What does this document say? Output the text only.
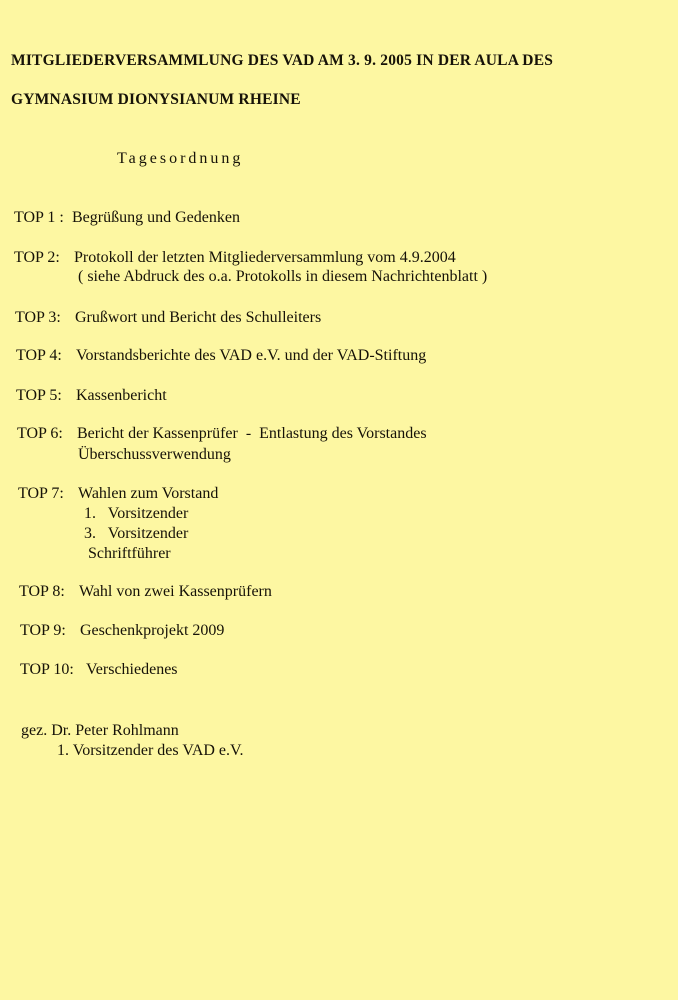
MITGLIEDERVERSAMMLUNG DES VAD AM 3. 9. 2005 IN DER AULA DES
GYMNASIUM DIONYSIANUM RHEINE
Tagesordnung
TOP 1 : Begrüßung und Gedenken
TOP 2: Protokoll der letzten Mitgliederversammlung vom 4.9.2004
( siehe Abdruck des o.a. Protokolls in diesem Nachrichtenblatt )
TOP 3: Grußwort und Bericht des Schulleiters
TOP 4: Vorstandsberichte des VAD e.V. und der VAD-Stiftung
TOP 5: Kassenbericht
TOP 6: Bericht der Kassenprüfer  -  Entlastung des Vorstandes
Überschussverwendung
TOP 7: Wahlen zum Vorstand
1.   Vorsitzender
3.   Vorsitzender
Schriftführer
TOP 8: Wahl von zwei Kassenprüfern
TOP 9: Geschenkprojekt 2009
TOP 10: Verschiedenes
gez. Dr. Peter Rohlmann
1. Vorsitzender des VAD e.V.
